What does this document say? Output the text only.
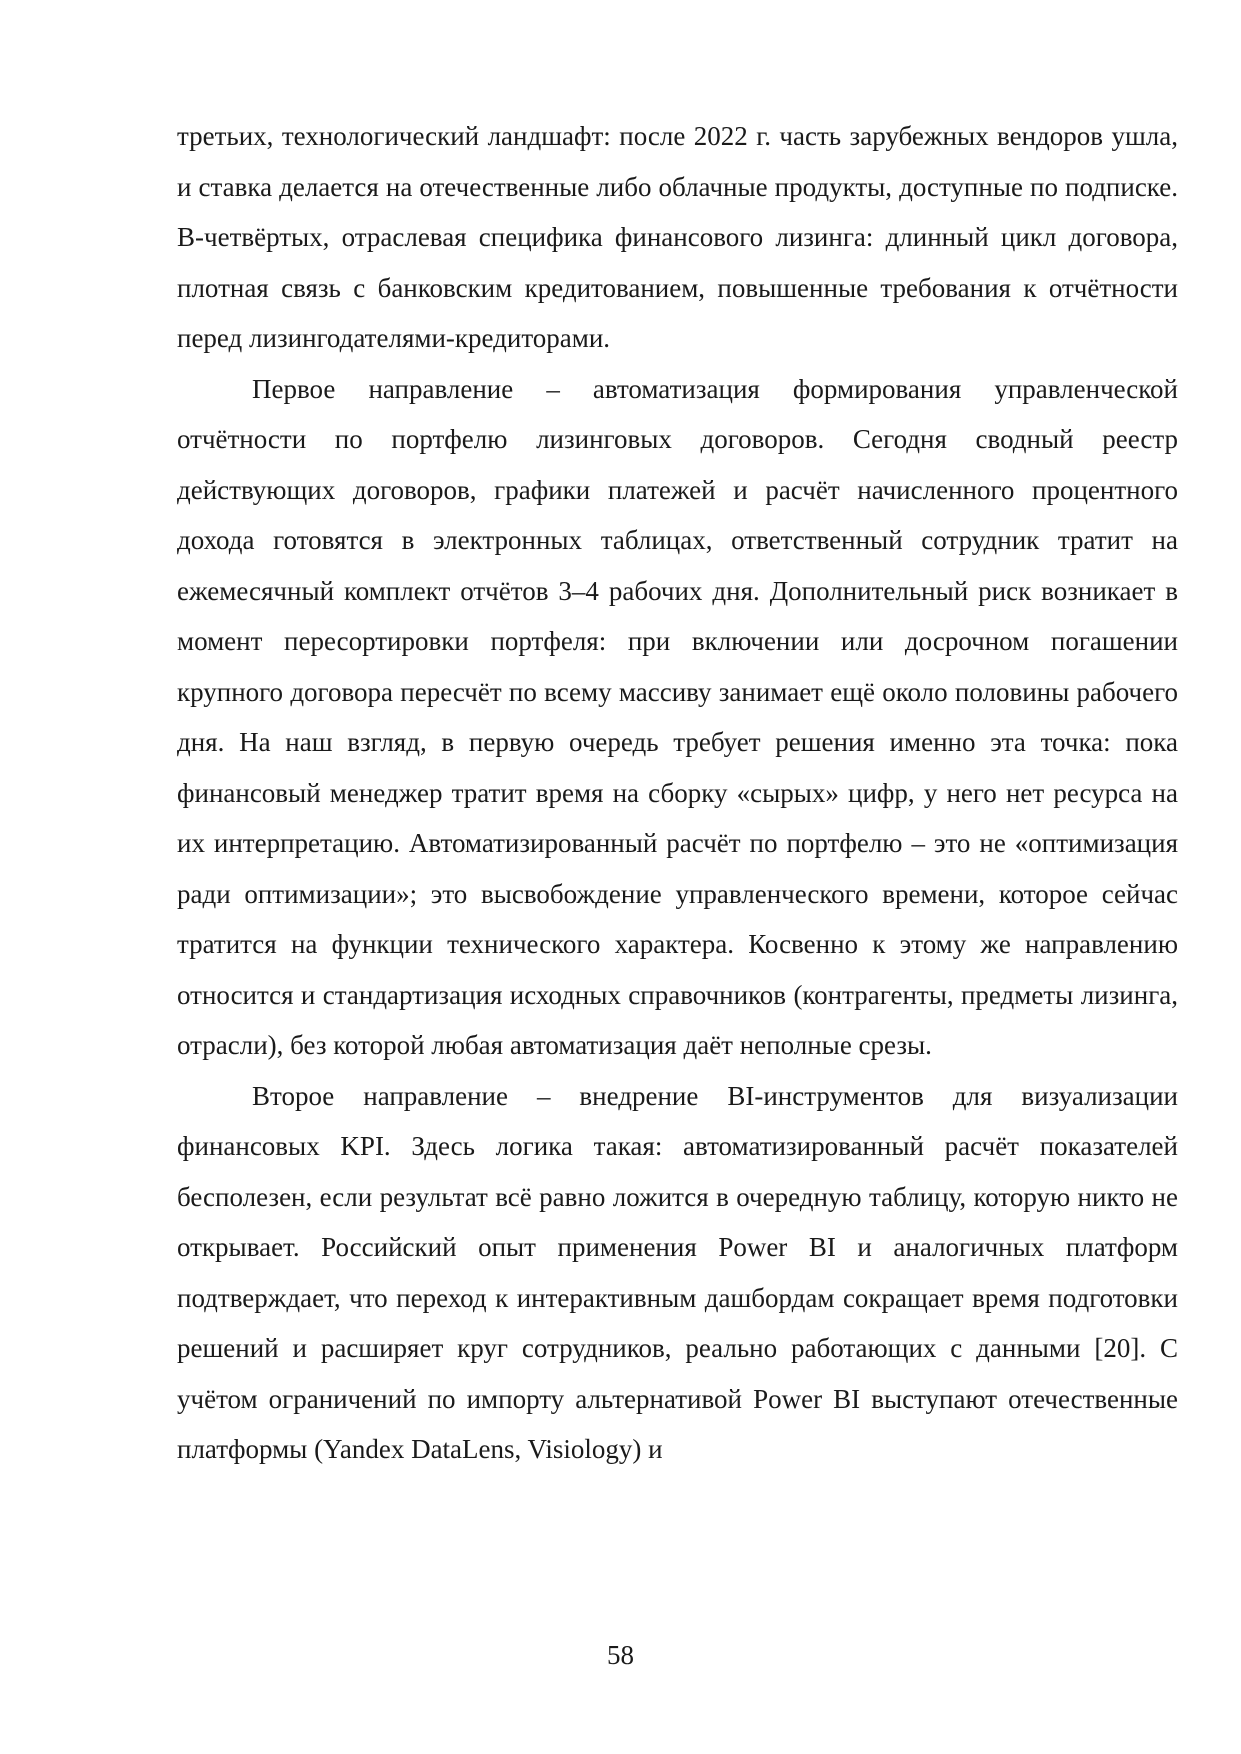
третьих, технологический ландшафт: после 2022 г. часть зарубежных вендоров ушла, и ставка делается на отечественные либо облачные продукты, доступные по подписке. В-четвёртых, отраслевая специфика финансового лизинга: длинный цикл договора, плотная связь с банковским кредитованием, повышенные требования к отчётности перед лизингодателями-кредиторами.

Первое направление – автоматизация формирования управленческой отчётности по портфелю лизинговых договоров. Сегодня сводный реестр действующих договоров, графики платежей и расчёт начисленного процентного дохода готовятся в электронных таблицах, ответственный сотрудник тратит на ежемесячный комплект отчётов 3–4 рабочих дня. Дополнительный риск возникает в момент пересортировки портфеля: при включении или досрочном погашении крупного договора пересчёт по всему массиву занимает ещё около половины рабочего дня. На наш взгляд, в первую очередь требует решения именно эта точка: пока финансовый менеджер тратит время на сборку «сырых» цифр, у него нет ресурса на их интерпретацию. Автоматизированный расчёт по портфелю – это не «оптимизация ради оптимизации»; это высвобождение управленческого времени, которое сейчас тратится на функции технического характера. Косвенно к этому же направлению относится и стандартизация исходных справочников (контрагенты, предметы лизинга, отрасли), без которой любая автоматизация даёт неполные срезы.

Второе направление – внедрение BI-инструментов для визуализации финансовых KPI. Здесь логика такая: автоматизированный расчёт показателей бесполезен, если результат всё равно ложится в очередную таблицу, которую никто не открывает. Российский опыт применения Power BI и аналогичных платформ подтверждает, что переход к интерактивным дашбордам сокращает время подготовки решений и расширяет круг сотрудников, реально работающих с данными [20]. С учётом ограничений по импорту альтернативой Power BI выступают отечественные платформы (Yandex DataLens, Visiology) и

58
